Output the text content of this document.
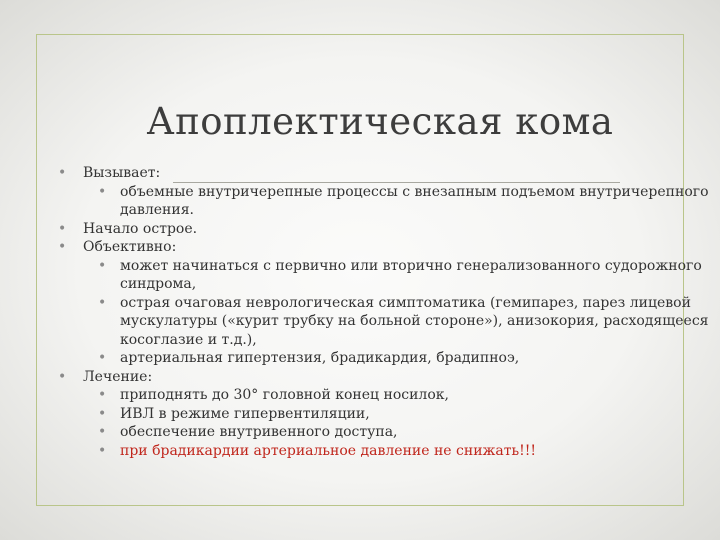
Апоплектическая кома
• Вызывает:
• объемные внутричерепные процессы с внезапным подъемом внутричерепного
давления.
• Начало острое.
• Объективно:
• может начинаться с первично или вторично генерализованного судорожного
синдрома,
• острая очаговая неврологическая симптоматика (гемипарез, парез лицевой
мускулатуры («курит трубку на больной стороне»), анизокория, расходящееся
косоглазие и т.д.),
• артериальная гипертензия, брадикардия, брадипноэ,
• Лечение:
• приподнять до 30° головной конец носилок,
• ИВЛ в режиме гипервентиляции,
• обеспечение внутривенного доступа,
• при брадикардии артериальное давление не снижать!!!
